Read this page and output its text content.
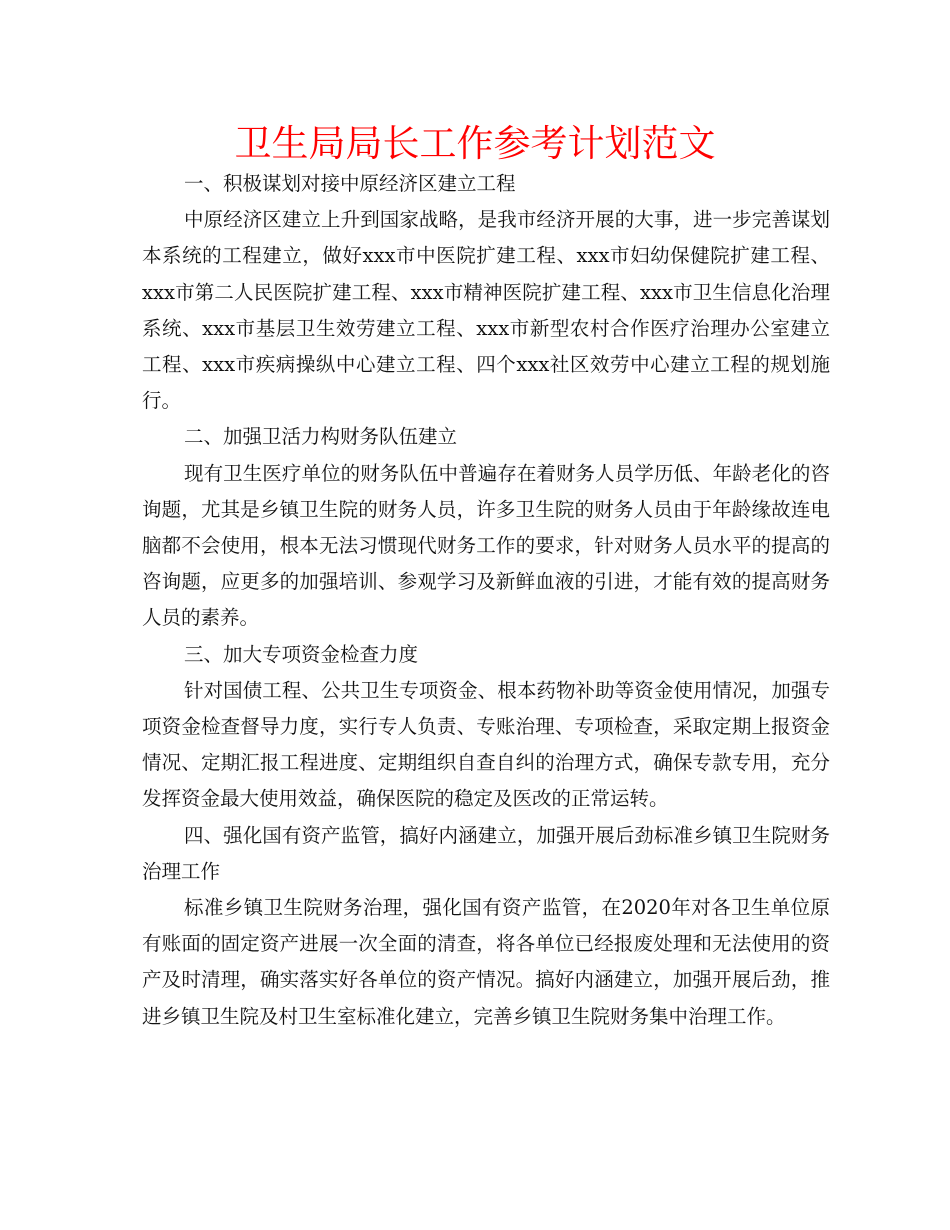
卫生局局长工作参考计划范文

一、积极谋划对接中原经济区建立工程

中原经济区建立上升到国家战略，是我市经济开展的大事，进一步完善谋划本系统的工程建立，做好xxx市中医院扩建工程、xxx市妇幼保健院扩建工程、xxx市第二人民医院扩建工程、xxx市精神医院扩建工程、xxx市卫生信息化治理系统、xxx市基层卫生效劳建立工程、xxx市新型农村合作医疗治理办公室建立工程、xxx市疾病操纵中心建立工程、四个xxx社区效劳中心建立工程的规划施行。

二、加强卫活力构财务队伍建立

现有卫生医疗单位的财务队伍中普遍存在着财务人员学历低、年龄老化的咨询题，尤其是乡镇卫生院的财务人员，许多卫生院的财务人员由于年龄缘故连电脑都不会使用，根本无法习惯现代财务工作的要求，针对财务人员水平的提高的咨询题，应更多的加强培训、参观学习及新鲜血液的引进，才能有效的提高财务人员的素养。

三、加大专项资金检查力度

针对国债工程、公共卫生专项资金、根本药物补助等资金使用情况，加强专项资金检查督导力度，实行专人负责、专账治理、专项检查，采取定期上报资金情况、定期汇报工程进度、定期组织自查自纠的治理方式，确保专款专用，充分发挥资金最大使用效益，确保医院的稳定及医改的正常运转。

四、强化国有资产监管，搞好内涵建立，加强开展后劲标准乡镇卫生院财务治理工作

标准乡镇卫生院财务治理，强化国有资产监管，在2020年对各卫生单位原有账面的固定资产进展一次全面的清查，将各单位已经报废处理和无法使用的资产及时清理，确实落实好各单位的资产情况。搞好内涵建立，加强开展后劲，推进乡镇卫生院及村卫生室标准化建立，完善乡镇卫生院财务集中治理工作。
